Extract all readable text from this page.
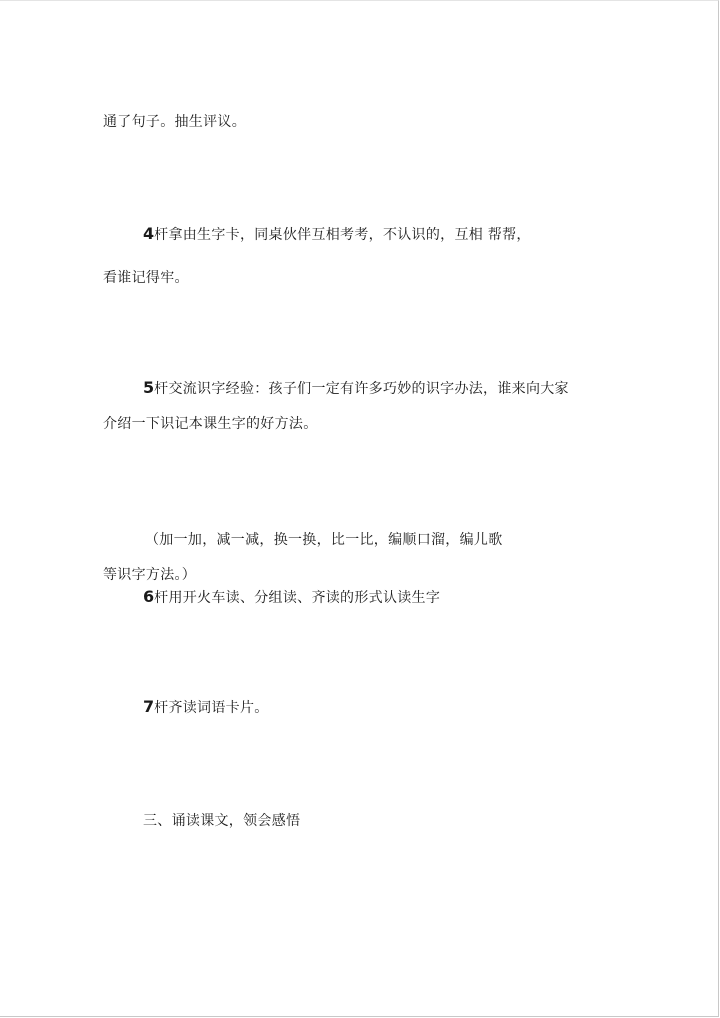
通了句子。抽生评议。
4杆拿由生字卡，同桌伙伴互相考考，不认识的，互相 帮帮，
看谁记得牢。
5杆交流识字经验：孩子们一定有许多巧妙的识字办法，谁来向大家
介绍一下识记本课生字的好方法。
（加一加，减一减，换一换，比一比，编顺口溜，编儿歌
等识字方法。）
6杆用开火车读、分组读、齐读的形式认读生字
7杆齐读词语卡片。
三、诵读课文，领会感悟
